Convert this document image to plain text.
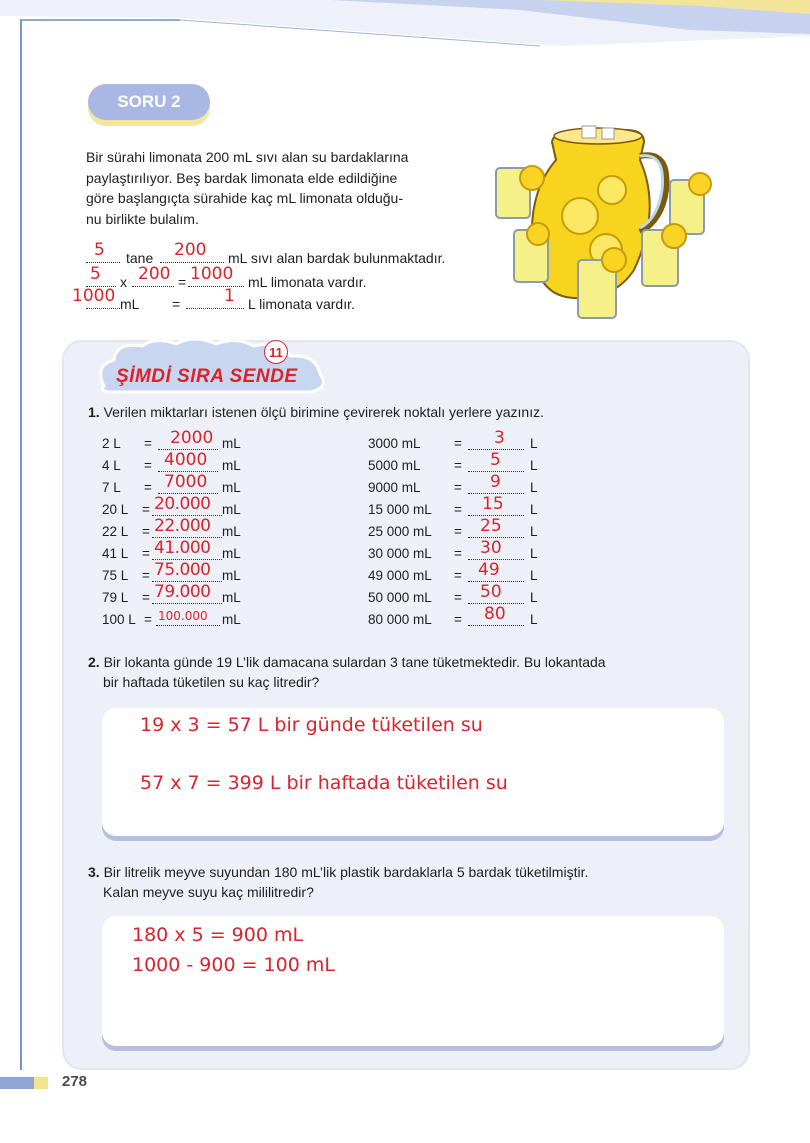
SORU 2
Bir sürahi limonata 200 mL sıvı alan su bardaklarına
paylaştırılıyor. Beş bardak limonata elde edildiğine
göre başlangıçta sürahide kaç mL limonata olduğu-
nu birlikte bulalım.
5 tane 200 mL sıvı alan bardak bulunmaktadır.
5 x 200 = 1000 mL limonata vardır.
1000 mL =	1 L limonata vardır.
11
ŞİMDİ SIRA SENDE
1. Verilen miktarları istenen ölçü birimine çevirerek noktalı yerlere yazınız.
2 L = 2000 mL
4 L = 4000 mL
7 L = 7000 mL
20 L = 20.000 mL
22 L = 22.000 mL
41 L = 41.000 mL
75 L = 75.000 mL
79 L = 79.000 mL
100 L = 100.000 mL
3000 mL = 3 L
5000 mL = 5 L
9000 mL = 9 L
15 000 mL = 15 L
25 000 mL = 25 L
30 000 mL = 30 L
49 000 mL = 49 L
50 000 mL = 50 L
80 000 mL = 80 L
2. Bir lokanta günde 19 L’lik damacana sulardan 3 tane tüketmektedir. Bu lokantada
bir haftada tüketilen su kaç litredir?
19 x 3 = 57 L bir günde tüketilen su
57 x 7 = 399 L bir haftada tüketilen su
3. Bir litrelik meyve suyundan 180 mL’lik plastik bardaklarla 5 bardak tüketilmiştir.
Kalan meyve suyu kaç mililitredir?
180 x 5 = 900 mL
1000 - 900 = 100 mL
278
